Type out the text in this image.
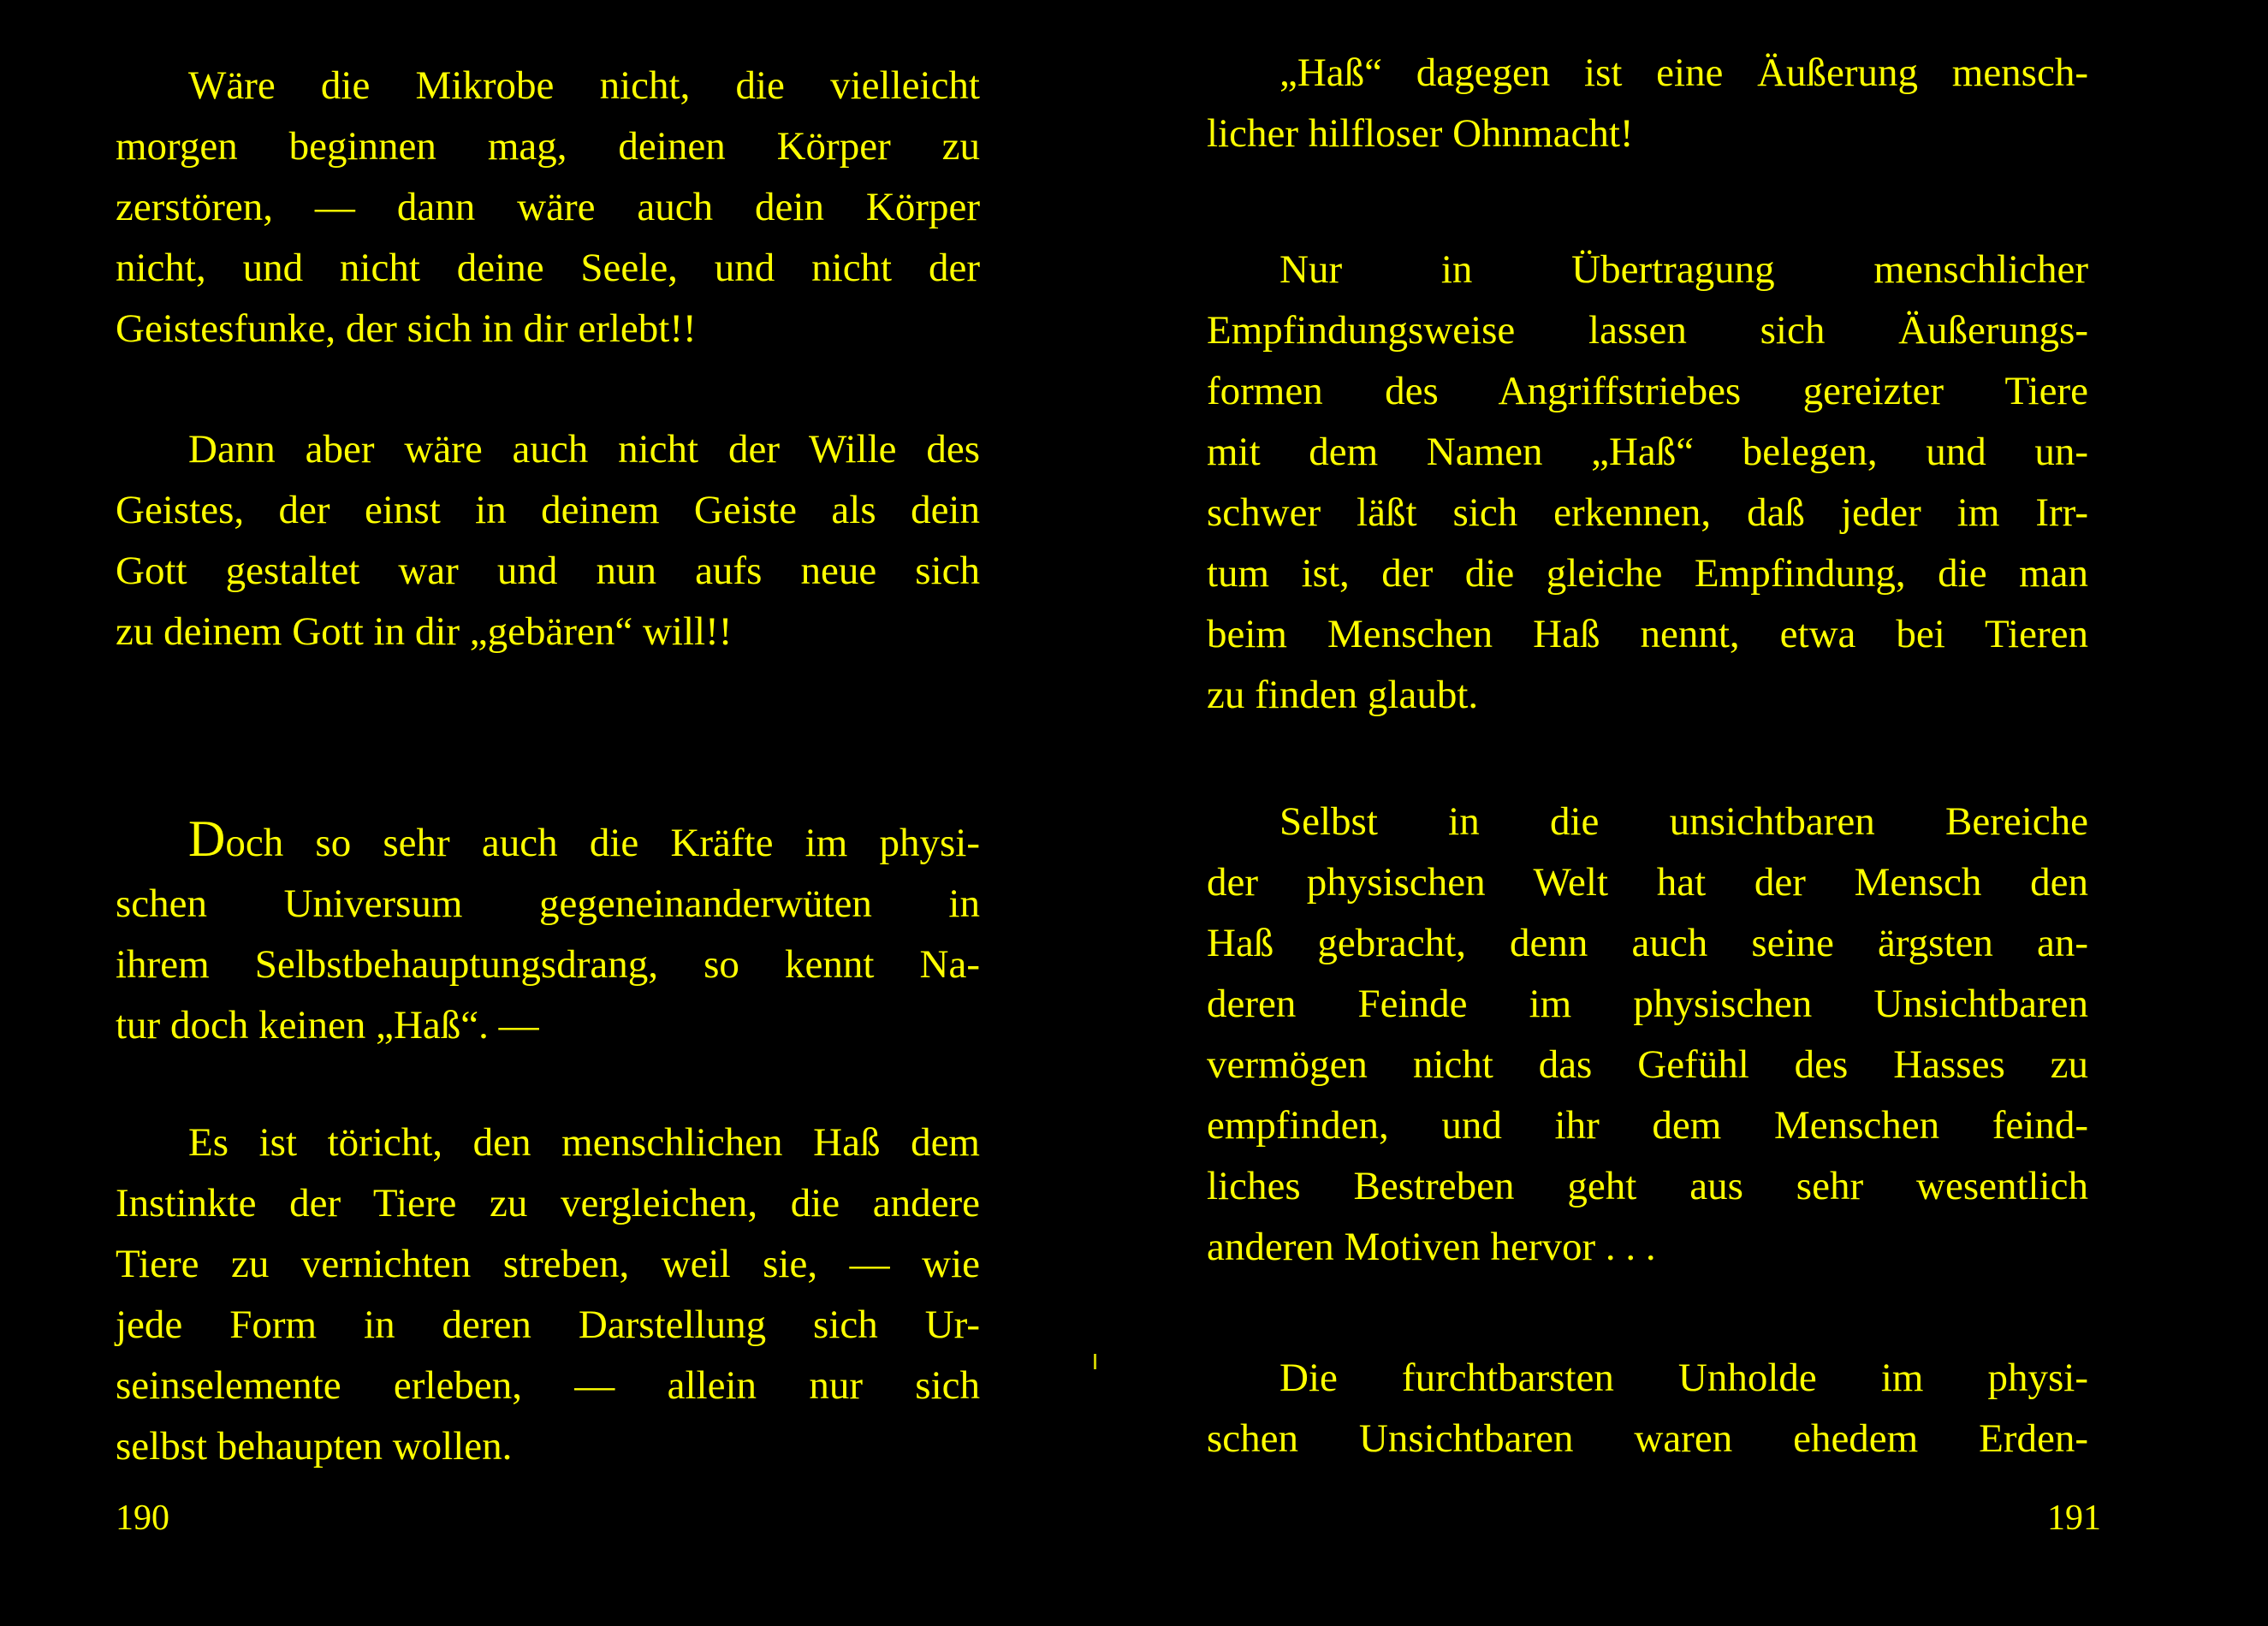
Wäre die Mikrobe nicht, die vielleicht
morgen beginnen mag, deinen Körper zu
zerstören, — dann wäre auch dein Körper
nicht, und nicht deine Seele, und nicht der
Geistesfunke, der sich in dir erlebt!!
Dann aber wäre auch nicht der Wille des
Geistes, der einst in deinem Geiste als dein
Gott gestaltet war und nun aufs neue sich
zu deinem Gott in dir „gebären“ will!!
Doch so sehr auch die Kräfte im physi-
schen Universum gegeneinanderwüten in
ihrem Selbstbehauptungsdrang, so kennt Na-
tur doch keinen „Haß“. —
Es ist töricht, den menschlichen Haß dem
Instinkte der Tiere zu vergleichen, die andere
Tiere zu vernichten streben, weil sie, — wie
jede Form in deren Darstellung sich Ur-
seinselemente erleben, — allein nur sich
selbst behaupten wollen.
190
„Haß“ dagegen ist eine Äußerung mensch-
licher hilfloser Ohnmacht!
Nur in Übertragung menschlicher
Empfindungsweise lassen sich Äußerungs-
formen des Angriffstriebes gereizter Tiere
mit dem Namen „Haß“ belegen, und un-
schwer läßt sich erkennen, daß jeder im Irr-
tum ist, der die gleiche Empfindung, die man
beim Menschen Haß nennt, etwa bei Tieren
zu finden glaubt.
Selbst in die unsichtbaren Bereiche
der physischen Welt hat der Mensch den
Haß gebracht, denn auch seine ärgsten an-
deren Feinde im physischen Unsichtbaren
vermögen nicht das Gefühl des Hasses zu
empfinden, und ihr dem Menschen feind-
liches Bestreben geht aus sehr wesentlich
anderen Motiven hervor . . .
Die furchtbarsten Unholde im physi-
schen Unsichtbaren waren ehedem Erden-
191
